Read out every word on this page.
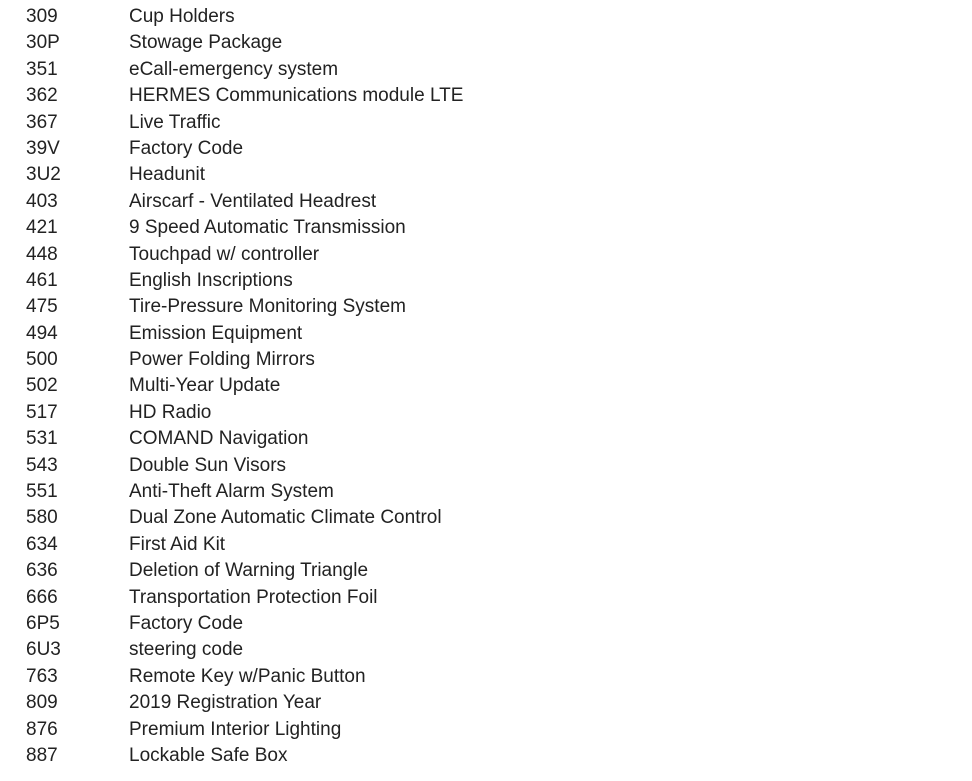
309	Cup Holders
30P	Stowage Package
351	eCall-emergency system
362	HERMES Communications module LTE
367	Live Traffic
39V	Factory Code
3U2	Headunit
403	Airscarf - Ventilated Headrest
421	9 Speed Automatic Transmission
448	Touchpad w/ controller
461	English Inscriptions
475	Tire-Pressure Monitoring System
494	Emission Equipment
500	Power Folding Mirrors
502	Multi-Year Update
517	HD Radio
531	COMAND Navigation
543	Double Sun Visors
551	Anti-Theft Alarm System
580	Dual Zone Automatic Climate Control
634	First Aid Kit
636	Deletion of Warning Triangle
666	Transportation Protection Foil
6P5	Factory Code
6U3	steering code
763	Remote Key w/Panic Button
809	2019 Registration Year
876	Premium Interior Lighting
887	Lockable Safe Box
